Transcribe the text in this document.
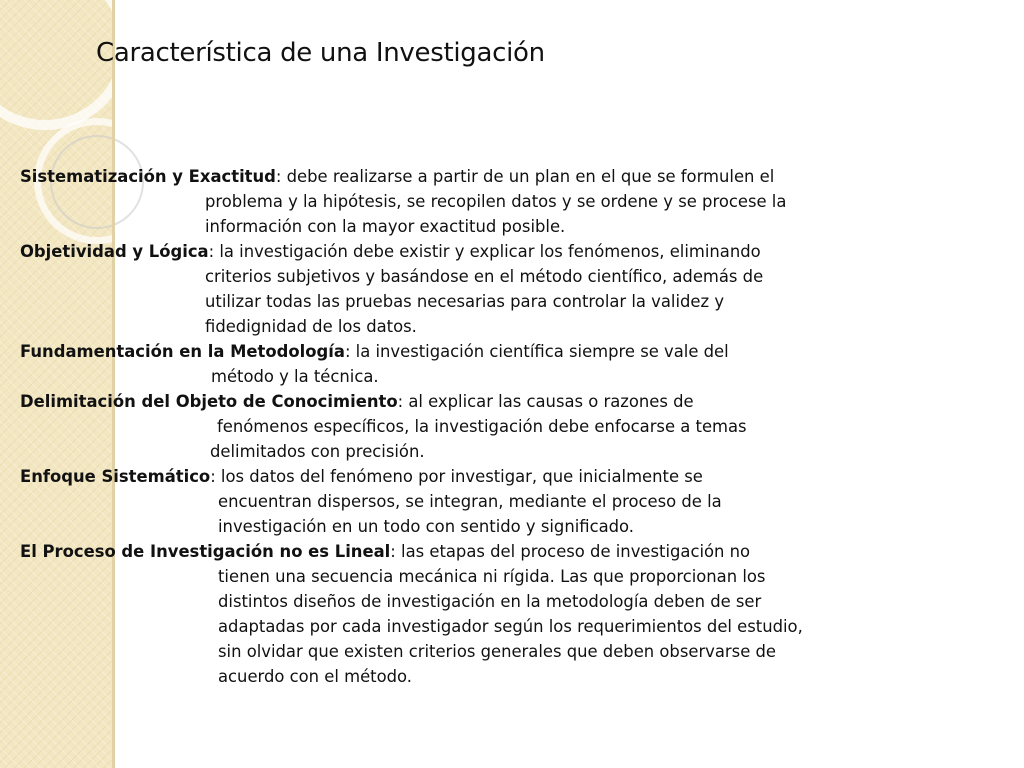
Característica de una Investigación
Sistematización y Exactitud: debe realizarse a partir de un plan en el que se formulen el
problema y la hipótesis, se recopilen datos y se ordene y se procese la
información con la mayor exactitud posible.
Objetividad y Lógica: la investigación debe existir y explicar los fenómenos, eliminando
criterios subjetivos y basándose en el método científico, además de
utilizar todas las pruebas necesarias para controlar la validez y
fidedignidad de los datos.
Fundamentación en la Metodología: la investigación científica siempre se vale del
método y la técnica.
Delimitación del Objeto de Conocimiento: al explicar las causas o razones de
fenómenos específicos, la investigación debe enfocarse a temas
delimitados con precisión.
Enfoque Sistemático: los datos del fenómeno por investigar, que inicialmente se
encuentran dispersos, se integran, mediante el proceso de la
investigación en un todo con sentido y significado.
El Proceso de Investigación no es Lineal: las etapas del proceso de investigación no
tienen una secuencia mecánica ni rígida. Las que proporcionan los
distintos diseños de investigación en la metodología deben de ser
adaptadas por cada investigador según los requerimientos del estudio,
sin olvidar que existen criterios generales que deben observarse de
acuerdo con el método.
